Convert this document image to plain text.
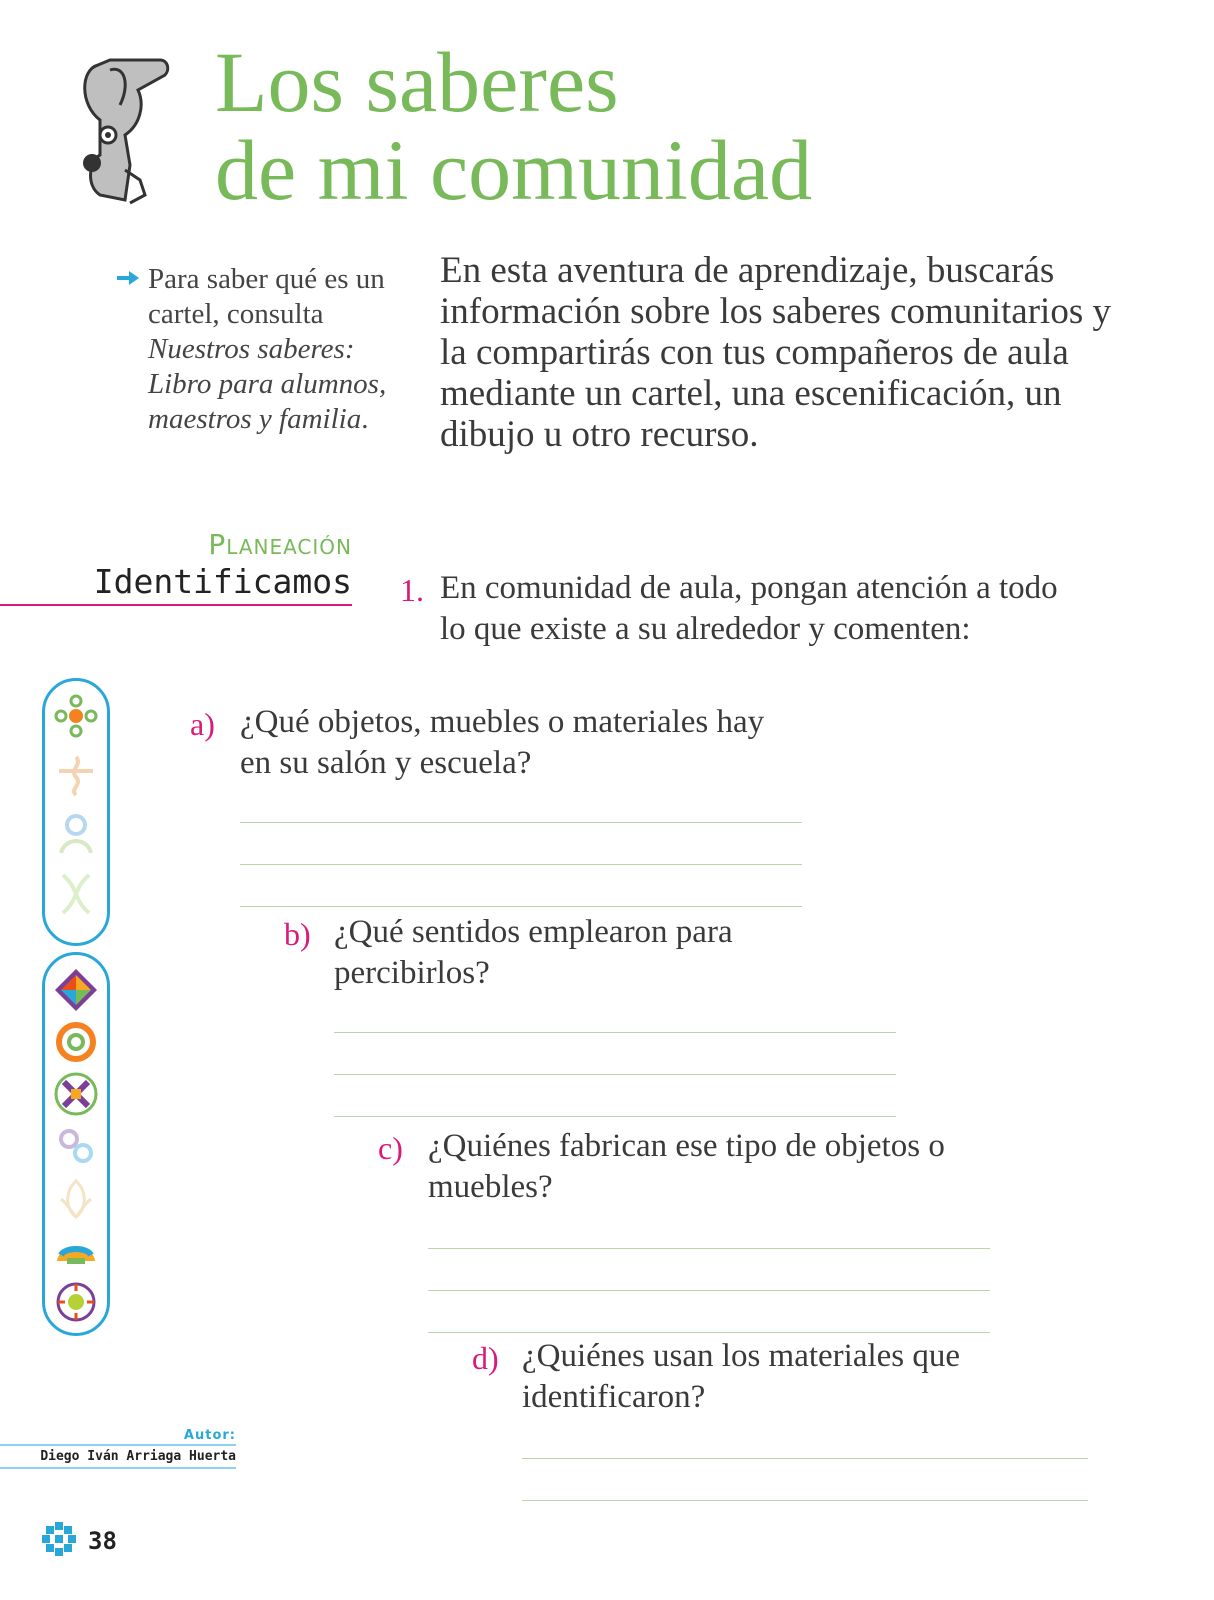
Los saberes
de mi comunidad
Para saber qué es un cartel, consulta Nuestros saberes: Libro para alumnos, maestros y familia.
En esta aventura de aprendizaje, buscarás información sobre los saberes comunitarios y la compartirás con tus compañeros de aula mediante un cartel, una escenificación, un dibujo u otro recurso.
Planeación
Identificamos 1. En comunidad de aula, pongan atención a todo lo que existe a su alrededor y comenten:
a) ¿Qué objetos, muebles o materiales hay en su salón y escuela?
b) ¿Qué sentidos emplearon para percibirlos?
c) ¿Quiénes fabrican ese tipo de objetos o muebles?
d) ¿Quiénes usan los materiales que identificaron?
Autor:
Diego Iván Arriaga Huerta
38
